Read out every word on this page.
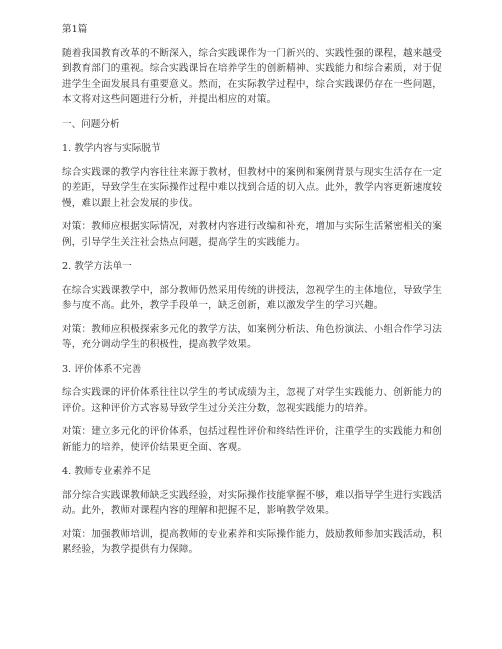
第1篇

随着我国教育改革的不断深入，综合实践课作为一门新兴的、实践性强的课程，越来越受到教育部门的重视。综合实践课旨在培养学生的创新精神、实践能力和综合素质，对于促进学生全面发展具有重要意义。然而，在实际教学过程中，综合实践课仍存在一些问题，本文将对这些问题进行分析，并提出相应的对策。

一、问题分析

1. 教学内容与实际脱节

综合实践课的教学内容往往来源于教材，但教材中的案例和案例背景与现实生活存在一定的差距，导致学生在实际操作过程中难以找到合适的切入点。此外，教学内容更新速度较慢，难以跟上社会发展的步伐。

对策：教师应根据实际情况，对教材内容进行改编和补充，增加与实际生活紧密相关的案例，引导学生关注社会热点问题，提高学生的实践能力。

2. 教学方法单一

在综合实践课教学中，部分教师仍然采用传统的讲授法，忽视学生的主体地位，导致学生参与度不高。此外，教学手段单一，缺乏创新，难以激发学生的学习兴趣。

对策：教师应积极探索多元化的教学方法，如案例分析法、角色扮演法、小组合作学习法等，充分调动学生的积极性，提高教学效果。

3. 评价体系不完善

综合实践课的评价体系往往以学生的考试成绩为主，忽视了对学生实践能力、创新能力的评价。这种评价方式容易导致学生过分关注分数，忽视实践能力的培养。

对策：建立多元化的评价体系，包括过程性评价和终结性评价，注重学生的实践能力和创新能力的培养，使评价结果更全面、客观。

4. 教师专业素养不足

部分综合实践课教师缺乏实践经验，对实际操作技能掌握不够，难以指导学生进行实践活动。此外，教师对课程内容的理解和把握不足，影响教学效果。

对策：加强教师培训，提高教师的专业素养和实际操作能力，鼓励教师参加实践活动，积累经验，为教学提供有力保障。
